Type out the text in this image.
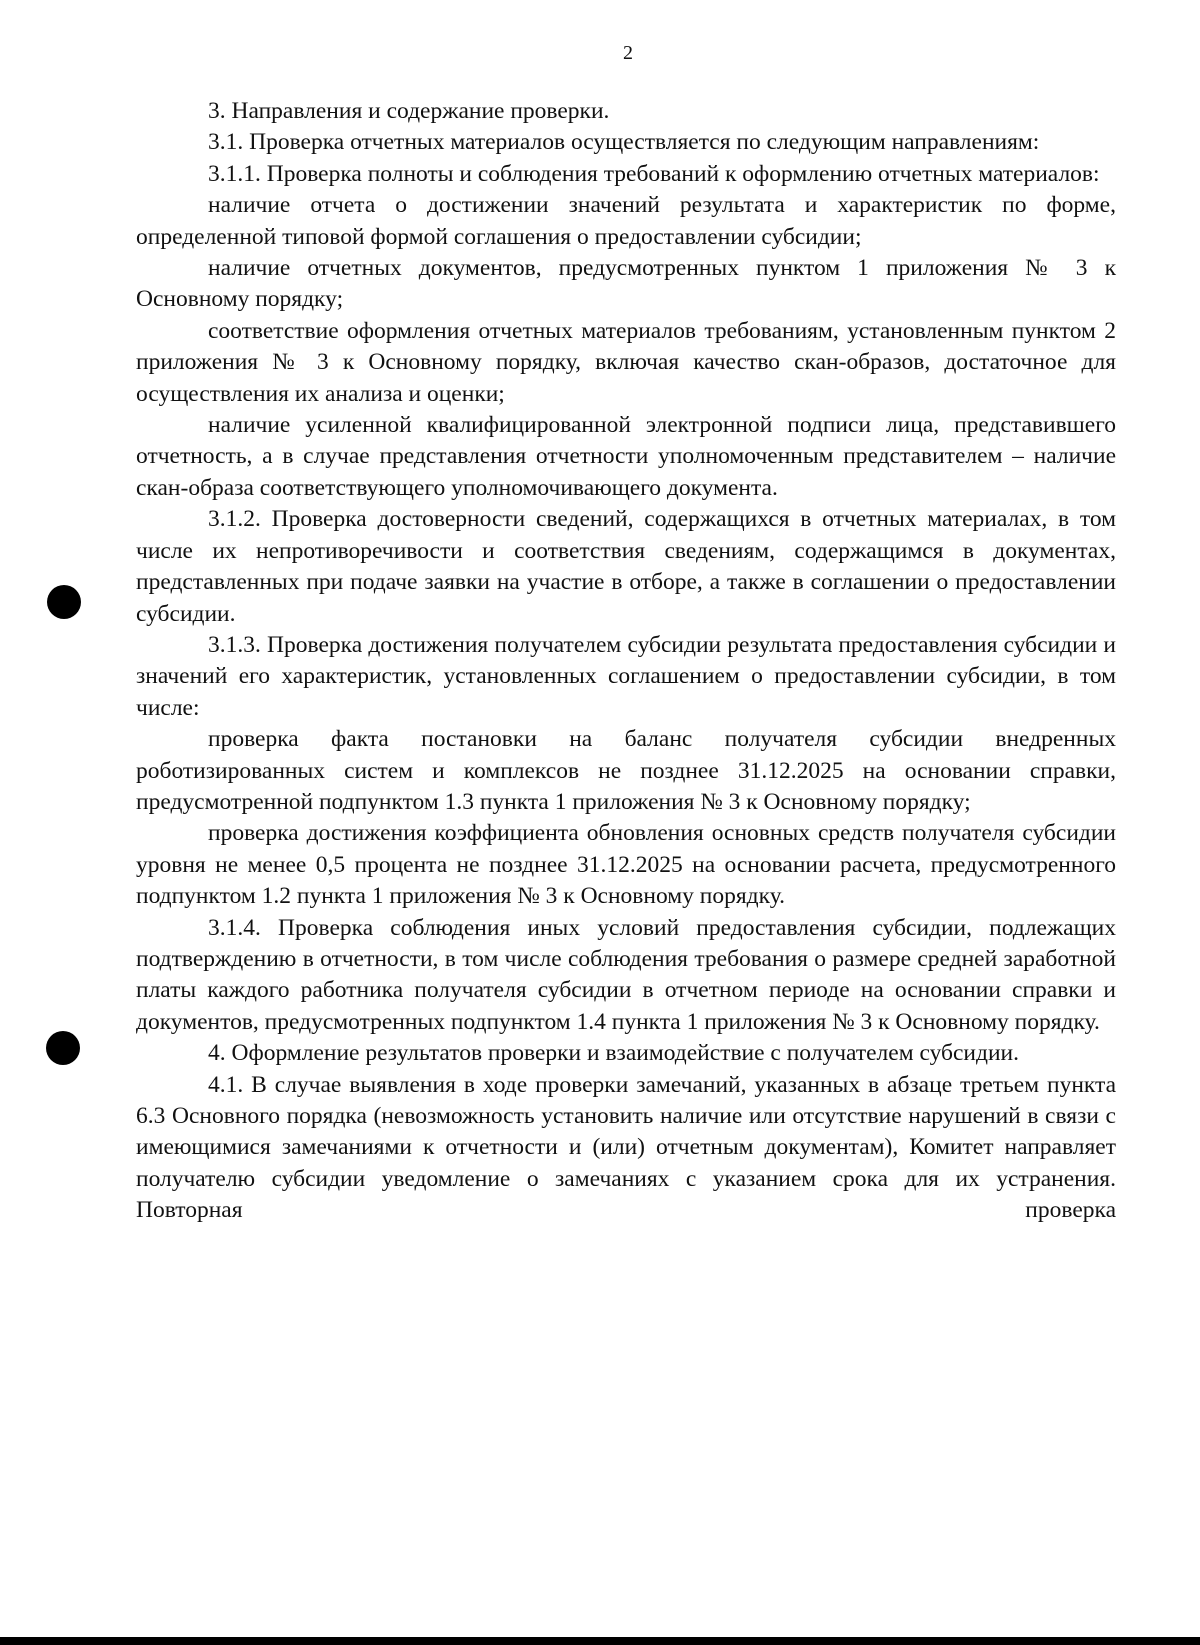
2

3. Направления и содержание проверки.

3.1. Проверка отчетных материалов осуществляется по следующим направлениям:

3.1.1. Проверка полноты и соблюдения требований к оформлению отчетных материалов:

наличие отчета о достижении значений результата и характеристик по форме, определенной типовой формой соглашения о предоставлении субсидии;

наличие отчетных документов, предусмотренных пунктом 1 приложения № 3 к Основному порядку;

соответствие оформления отчетных материалов требованиям, установленным пунктом 2 приложения № 3 к Основному порядку, включая качество скан-образов, достаточное для осуществления их анализа и оценки;

наличие усиленной квалифицированной электронной подписи лица, представившего отчетность, а в случае представления отчетности уполномоченным представителем – наличие скан-образа соответствующего уполномочивающего документа.

3.1.2. Проверка достоверности сведений, содержащихся в отчетных материалах, в том числе их непротиворечивости и соответствия сведениям, содержащимся в документах, представленных при подаче заявки на участие в отборе, а также в соглашении о предоставлении субсидии.

3.1.3. Проверка достижения получателем субсидии результата предоставления субсидии и значений его характеристик, установленных соглашением о предоставлении субсидии, в том числе:

проверка факта постановки на баланс получателя субсидии внедренных роботизированных систем и комплексов не позднее 31.12.2025 на основании справки, предусмотренной подпунктом 1.3 пункта 1 приложения № 3 к Основному порядку;

проверка достижения коэффициента обновления основных средств получателя субсидии уровня не менее 0,5 процента не позднее 31.12.2025 на основании расчета, предусмотренного подпунктом 1.2 пункта 1 приложения № 3 к Основному порядку.

3.1.4. Проверка соблюдения иных условий предоставления субсидии, подлежащих подтверждению в отчетности, в том числе соблюдения требования о размере средней заработной платы каждого работника получателя субсидии в отчетном периоде на основании справки и документов, предусмотренных подпунктом 1.4 пункта 1 приложения № 3 к Основному порядку.

4. Оформление результатов проверки и взаимодействие с получателем субсидии.

4.1. В случае выявления в ходе проверки замечаний, указанных в абзаце третьем пункта 6.3 Основного порядка (невозможность установить наличие или отсутствие нарушений в связи с имеющимися замечаниями к отчетности и (или) отчетным документам), Комитет направляет получателю субсидии уведомление о замечаниях с указанием срока для их устранения. Повторная проверка
